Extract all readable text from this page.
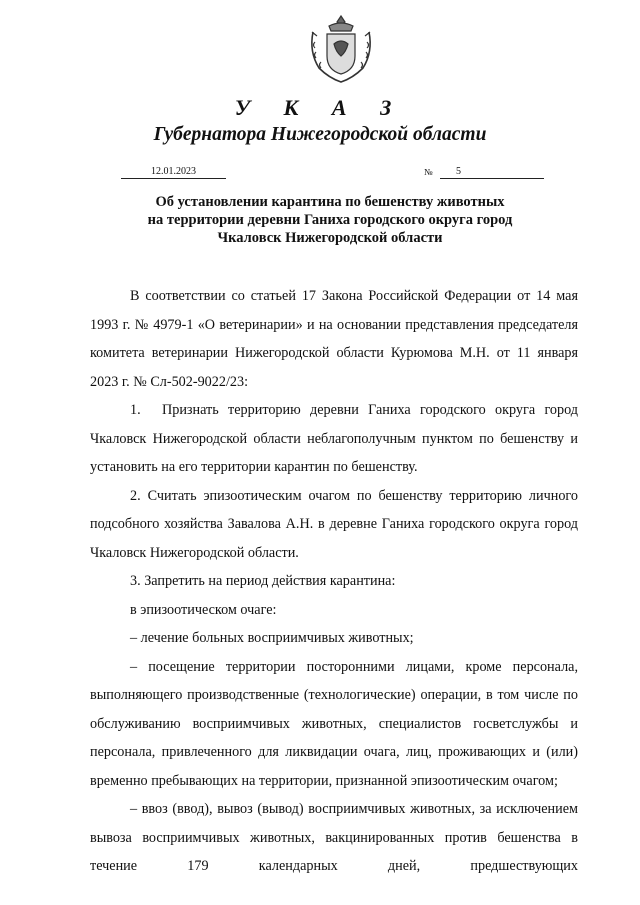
У К А З
Губернатора Нижегородской области
12.01.2023	№	5
Об установлении карантина по бешенству животных
на территории деревни Ганиха городского округа город
Чкаловск Нижегородской области

В соответствии со статьей 17 Закона Российской Федерации от 14 мая 1993 г. № 4979-1 «О ветеринарии» и на основании представления председателя комитета ветеринарии Нижегородской области Курюмова М.Н. от 11 января 2023 г. № Сл-502-9022/23:

1. Признать территорию деревни Ганиха городского округа город Чкаловск Нижегородской области неблагополучным пунктом по бешенству и установить на его территории карантин по бешенству.

2. Считать эпизоотическим очагом по бешенству территорию личного подсобного хозяйства Завалова А.Н. в деревне Ганиха городского округа город Чкаловск Нижегородской области.

3. Запретить на период действия карантина:

в эпизоотическом очаге:

– лечение больных восприимчивых животных;

– посещение территории посторонними лицами, кроме персонала, выполняющего производственные (технологические) операции, в том числе по обслуживанию восприимчивых животных, специалистов госветслужбы и персонала, привлеченного для ликвидации очага, лиц, проживающих и (или) временно пребывающих на территории, признанной эпизоотическим очагом;

– ввоз (ввод), вывоз (вывод) восприимчивых животных, за исключением вывоза восприимчивых животных, вакцинированных против бешенства в течение 179 календарных дней, предшествующих
